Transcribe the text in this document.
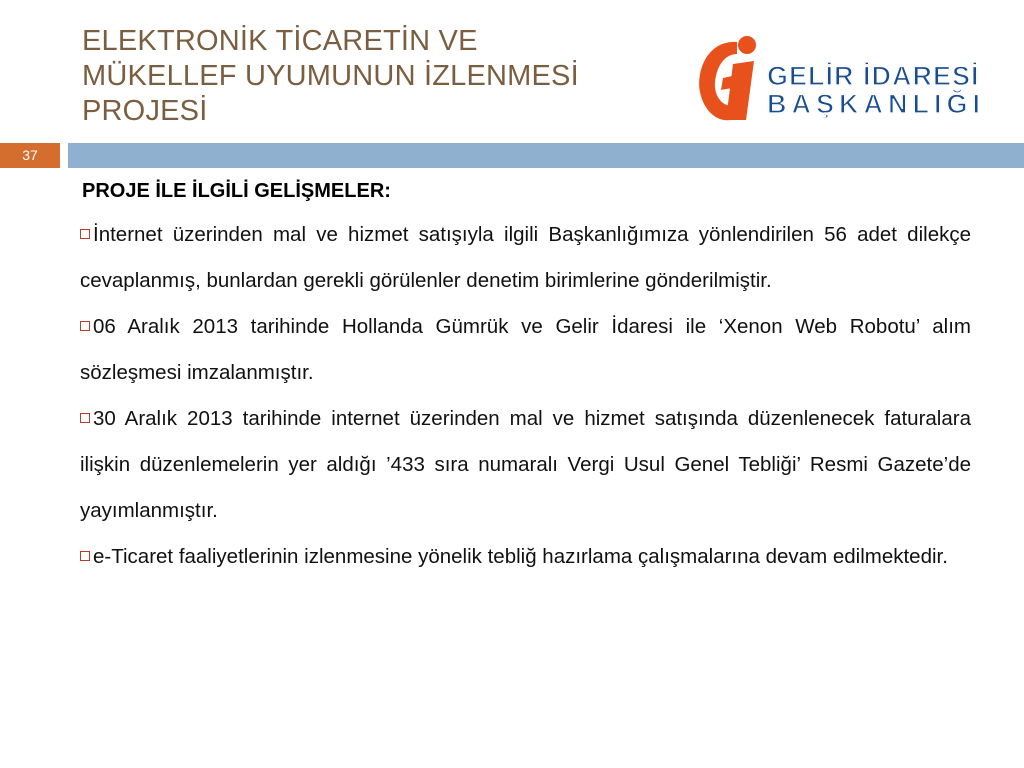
ELEKTRONİK TİCARETİN VE
MÜKELLEF UYUMUNUN İZLENMESİ
PROJESİ
GELİR İDARESİ
BAŞKANLIĞI
37
PROJE İLE İLGİLİ GELİŞMELER:
İnternet üzerinden mal ve hizmet satışıyla ilgili Başkanlığımıza yönlendirilen 56 adet dilekçe cevaplanmış, bunlardan gerekli görülenler denetim birimlerine gönderilmiştir.
06 Aralık 2013 tarihinde Hollanda Gümrük ve Gelir İdaresi ile ‘Xenon Web Robotu’ alım sözleşmesi imzalanmıştır.
30 Aralık 2013 tarihinde internet üzerinden mal ve hizmet satışında düzenlenecek faturalara ilişkin düzenlemelerin yer aldığı ’433 sıra numaralı Vergi Usul Genel Tebliği’ Resmi Gazete’de yayımlanmıştır.
e-Ticaret faaliyetlerinin izlenmesine yönelik tebliğ hazırlama çalışmalarına devam edilmektedir.
